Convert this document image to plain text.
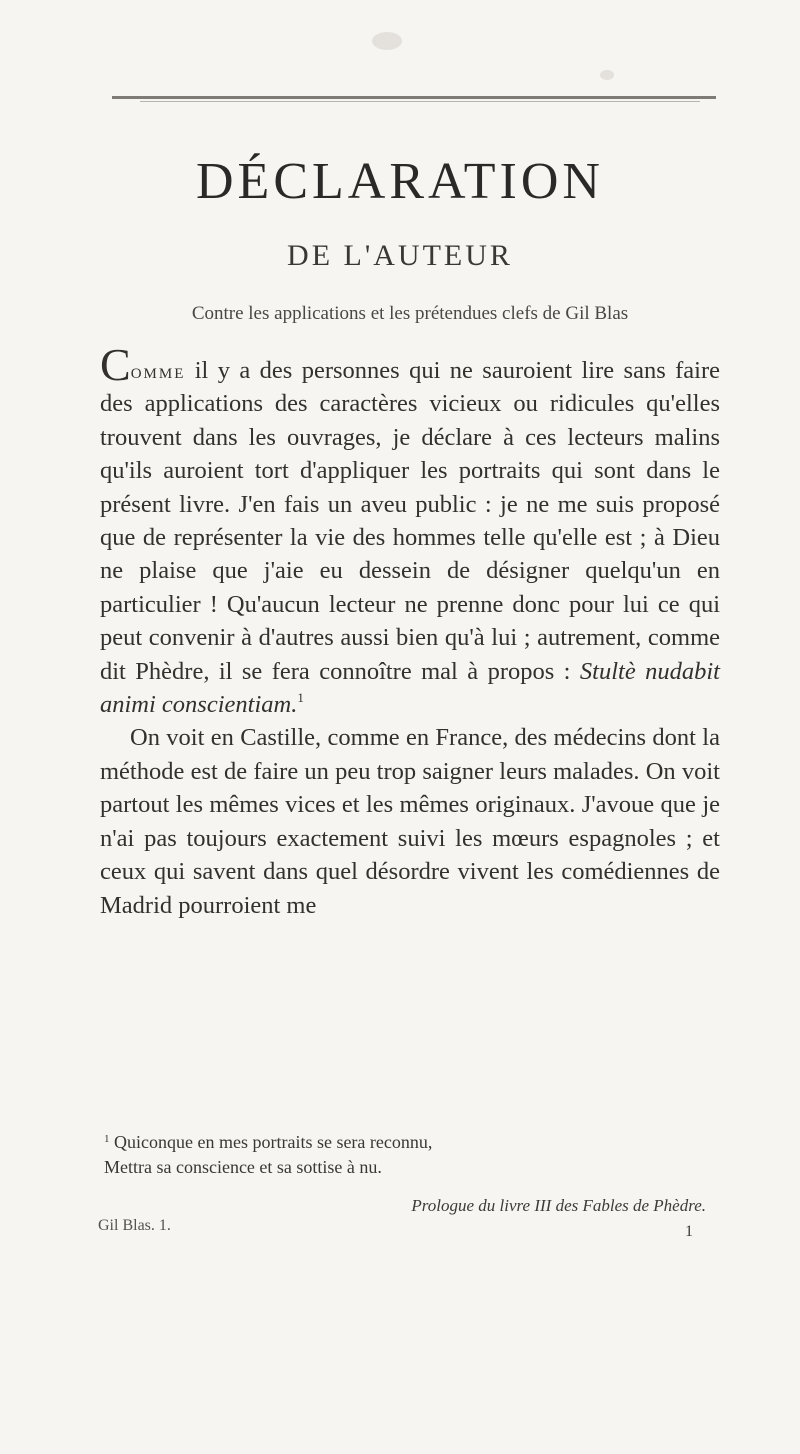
DÉCLARATION
DE L'AUTEUR
Contre les applications et les prétendues clefs de Gil Blas

Comme il y a des personnes qui ne sauroient lire sans faire des applications des caractères vicieux ou ridicules qu'elles trouvent dans les ouvrages, je déclare à ces lecteurs malins qu'ils auroient tort d'appliquer les portraits qui sont dans le présent livre. J'en fais un aveu public : je ne me suis proposé que de représenter la vie des hommes telle qu'elle est ; à Dieu ne plaise que j'aie eu dessein de désigner quelqu'un en particulier ! Qu'aucun lecteur ne prenne donc pour lui ce qui peut convenir à d'autres aussi bien qu'à lui ; autrement, comme dit Phèdre, il se fera connoître mal à propos : Stultè nudabit animi conscientiam.$^1$

On voit en Castille, comme en France, des médecins dont la méthode est de faire un peu trop saigner leurs malades. On voit partout les mêmes vices et les mêmes originaux. J'avoue que je n'ai pas toujours exactement suivi les mœurs espagnoles ; et ceux qui savent dans quel désordre vivent les comédiennes de Madrid pourroient me

$^1$ Quiconque en mes portraits se sera reconnu,
Mettra sa conscience et sa sottise à nu.
Prologue du livre III des Fables de Phèdre.
Gil Blas. 1.	1
